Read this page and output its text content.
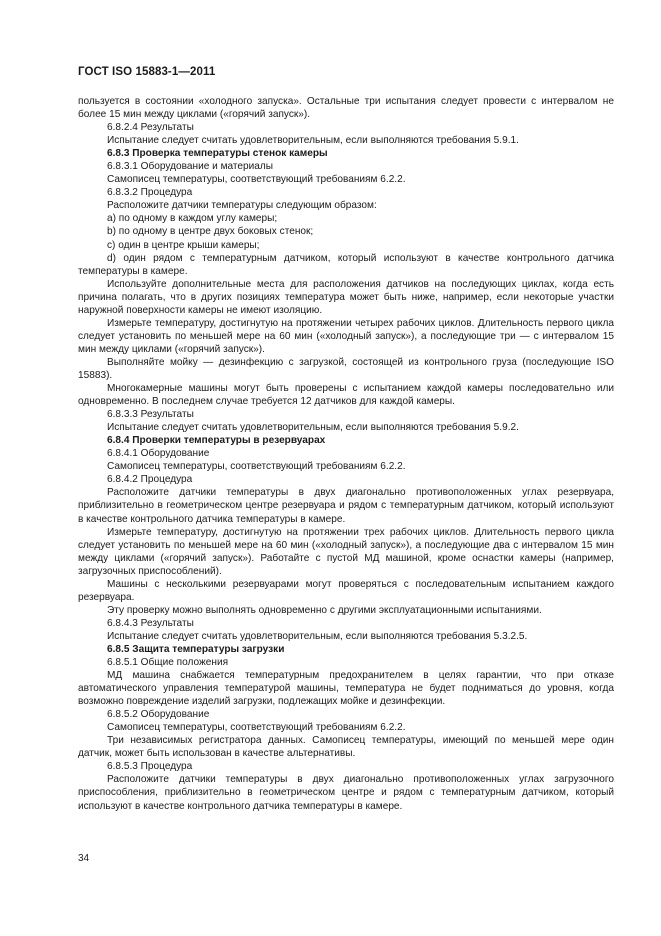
ГОСТ ISO 15883-1—2011

пользуется в состоянии «холодного запуска». Остальные три испытания следует провести с интервалом не более 15 мин между циклами («горячий запуск»).

6.8.2.4 Результаты

Испытание следует считать удовлетворительным, если выполняются требования 5.9.1.

6.8.3 Проверка температуры стенок камеры

6.8.3.1 Оборудование и материалы

Самописец температуры, соответствующий требованиям 6.2.2.

6.8.3.2 Процедура

Расположите датчики температуры следующим образом:

a) по одному в каждом углу камеры;

b) по одному в центре двух боковых стенок;

c) один в центре крыши камеры;

d) один рядом с температурным датчиком, который используют в качестве контрольного датчика температуры в камере.

Используйте дополнительные места для расположения датчиков на последующих циклах, когда есть причина полагать, что в других позициях температура может быть ниже, например, если некоторые участки наружной поверхности камеры не имеют изоляцию.

Измерьте температуру, достигнутую на протяжении четырех рабочих циклов. Длительность первого цикла следует установить по меньшей мере на 60 мин («холодный запуск»), а последующие три — с интервалом 15 мин между циклами («горячий запуск»).

Выполняйте мойку — дезинфекцию с загрузкой, состоящей из контрольного груза (последующие ISO 15883).

Многокамерные машины могут быть проверены с испытанием каждой камеры последовательно или одновременно. В последнем случае требуется 12 датчиков для каждой камеры.

6.8.3.3 Результаты

Испытание следует считать удовлетворительным, если выполняются требования 5.9.2.

6.8.4 Проверки температуры в резервуарах

6.8.4.1 Оборудование

Самописец температуры, соответствующий требованиям 6.2.2.

6.8.4.2 Процедура

Расположите датчики температуры в двух диагонально противоположенных углах резервуара, приблизительно в геометрическом центре резервуара и рядом с температурным датчиком, который используют в качестве контрольного датчика температуры в камере.

Измерьте температуру, достигнутую на протяжении трех рабочих циклов. Длительность первого цикла следует установить по меньшей мере на 60 мин («холодный запуск»), а последующие два с интервалом 15 мин между циклами («горячий запуск»). Работайте с пустой МД машиной, кроме оснастки камеры (например, загрузочных приспособлений).

Машины с несколькими резервуарами могут проверяться с последовательным испытанием каждого резервуара.

Эту проверку можно выполнять одновременно с другими эксплуатационными испытаниями.

6.8.4.3 Результаты

Испытание следует считать удовлетворительным, если выполняются требования 5.3.2.5.

6.8.5 Защита температуры загрузки

6.8.5.1 Общие положения

МД машина снабжается температурным предохранителем в целях гарантии, что при отказе автоматического управления температурой машины, температура не будет подниматься до уровня, когда возможно повреждение изделий загрузки, подлежащих мойке и дезинфекции.

6.8.5.2 Оборудование

Самописец температуры, соответствующий требованиям 6.2.2.

Три независимых регистратора данных. Самописец температуры, имеющий по меньшей мере один датчик, может быть использован в качестве альтернативы.

6.8.5.3 Процедура

Расположите датчики температуры в двух диагонально противоположенных углах загрузочного приспособления, приблизительно в геометрическом центре и рядом с температурным датчиком, который используют в качестве контрольного датчика температуры в камере.

34
